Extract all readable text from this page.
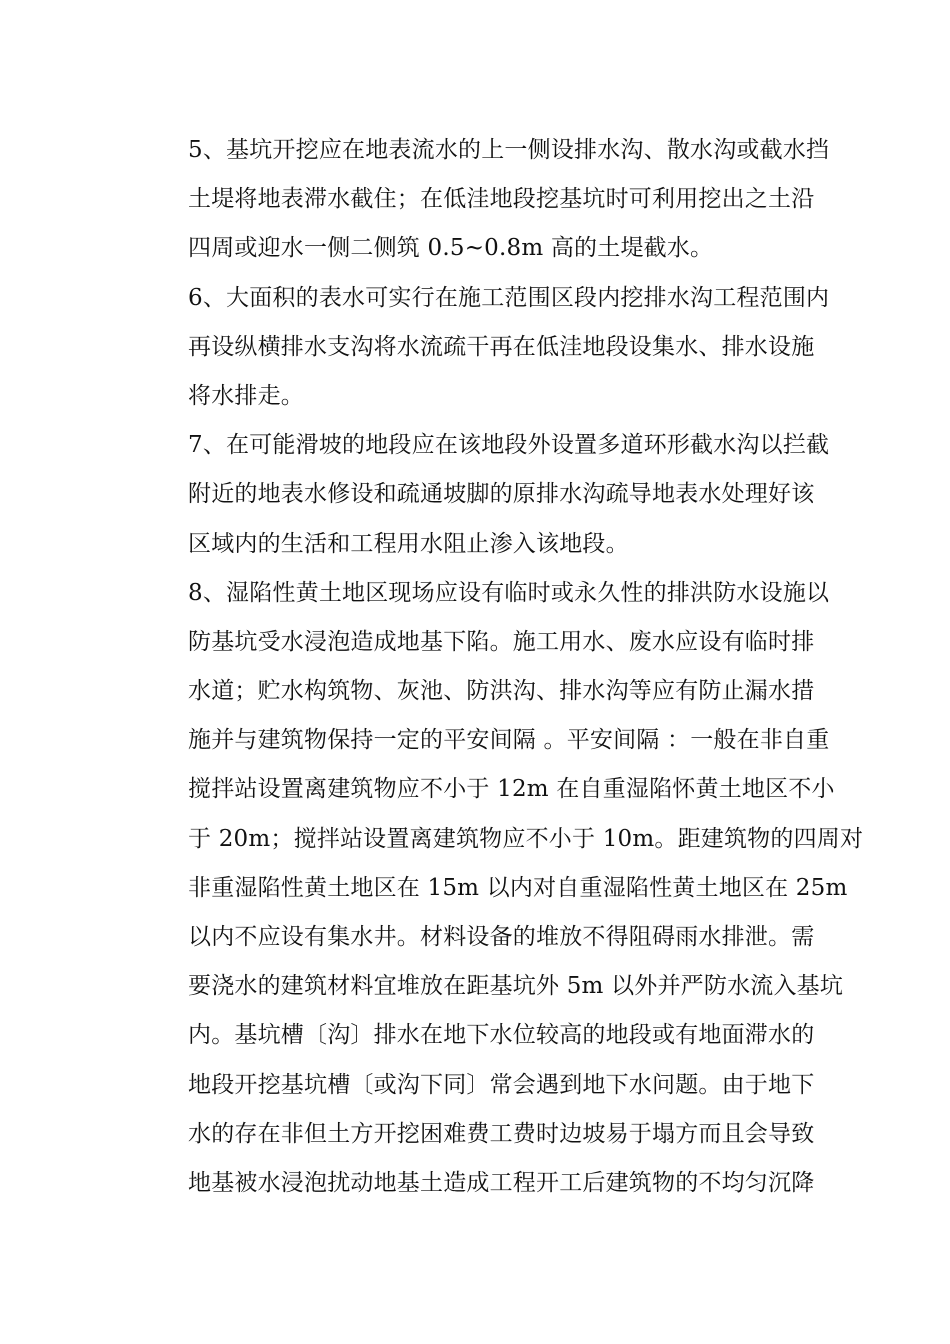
5、基坑开挖应在地表流水的上一侧设排水沟、散水沟或截水挡
土堤将地表滞水截住；在低洼地段挖基坑时可利用挖出之土沿
四周或迎水一侧二侧筑 0.5~0.8m 高的土堤截水。
6、大面积的表水可实行在施工范围区段内挖排水沟工程范围内
再设纵横排水支沟将水流疏干再在低洼地段设集水、排水设施
将水排走。
7、在可能滑坡的地段应在该地段外设置多道环形截水沟以拦截
附近的地表水修设和疏通坡脚的原排水沟疏导地表水处理好该
区域内的生活和工程用水阻止渗入该地段。
8、湿陷性黄土地区现场应设有临时或永久性的排洪防水设施以
防基坑受水浸泡造成地基下陷。施工用水、废水应设有临时排
水道；贮水构筑物、灰池、防洪沟、排水沟等应有防止漏水措
施并与建筑物保持一定的平安间隔 。平安间隔 ：一般在非自重
搅拌站设置离建筑物应不小于 12m 在自重湿陷怀黄土地区不小
于 20m；搅拌站设置离建筑物应不小于 10m。距建筑物的四周对
非重湿陷性黄土地区在 15m 以内对自重湿陷性黄土地区在 25m
以内不应设有集水井。材料设备的堆放不得阻碍雨水排泄。需
要浇水的建筑材料宜堆放在距基坑外 5m 以外并严防水流入基坑
内。基坑槽〔沟〕排水在地下水位较高的地段或有地面滞水的
地段开挖基坑槽〔或沟下同〕常会遇到地下水问题。由于地下
水的存在非但土方开挖困难费工费时边坡易于塌方而且会导致
地基被水浸泡扰动地基土造成工程开工后建筑物的不均匀沉降
